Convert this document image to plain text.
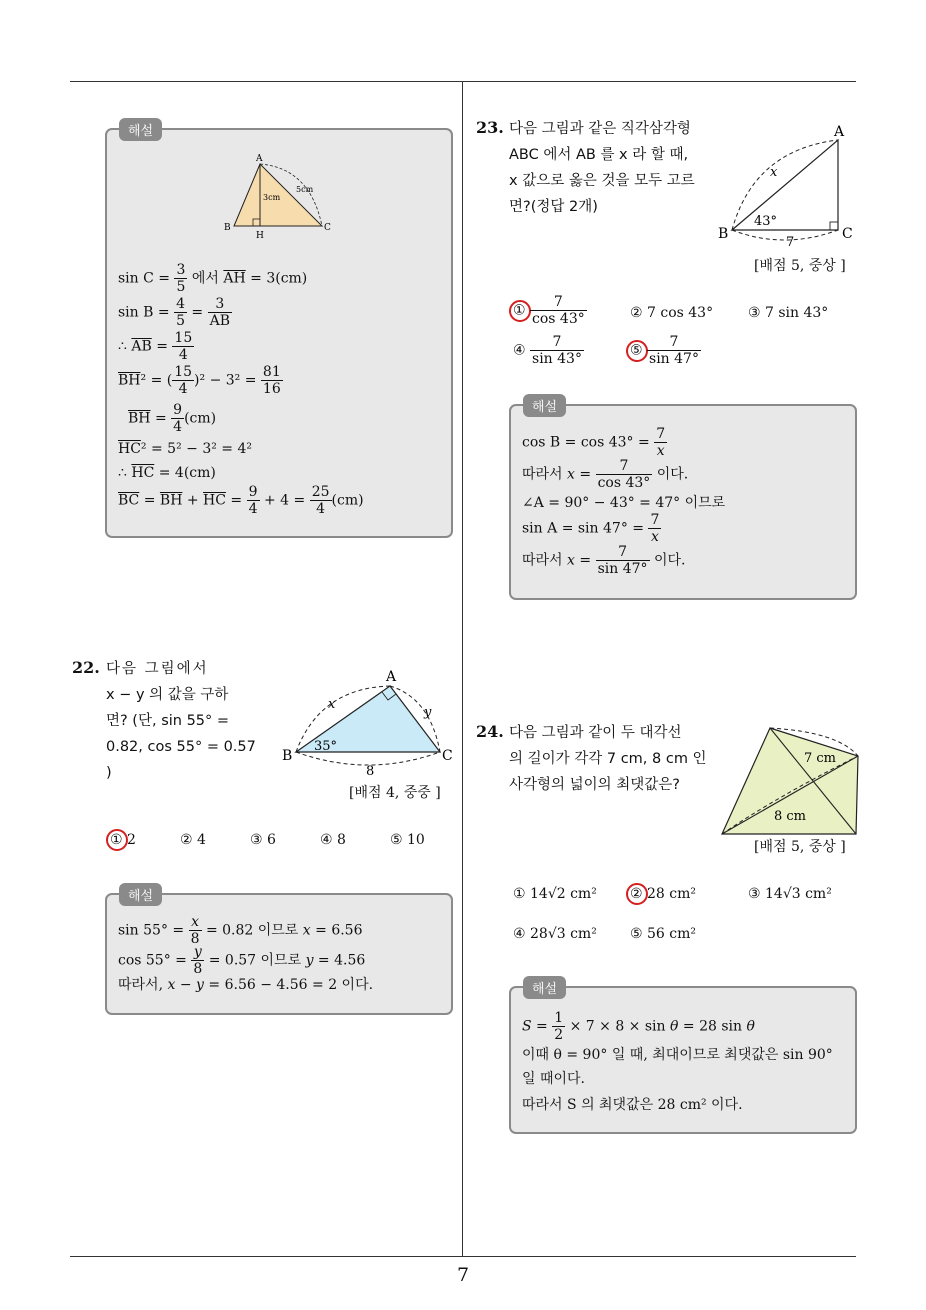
7
해설
A
B
H
C
3cm
5cm
$\sin C = \frac{3}{5}$ 에서 $\overline{AH} = 3(cm)$
$\sin B = \frac{4}{5} = \frac{3}{AB}$
∴ $\overline{AB} = \frac{15}{4}$
$\overline{BH}^2$ = ( $\frac{15}{4} )^2 - 3^2 = \frac{81}{16}$
$\overline{BH} = \frac{9}{4} (cm)$
$\overline{HC}^2 = 5^2 - 3^2 = 4^2$
∴ $\overline{HC} = 4(cm)$
$\overline{BC} = \overline{BH} + \overline{HC} = \frac{9}{4} + 4 = \frac{25}{4} (cm)$
22. 다음 그림에서
x − y 의 값을 구하
면? (단, sin 55° =
0.82, cos 55° = 0.57 )
A
B	C
x
y
35°
8
[배점 4, 중중 ]
① 2	② 4	③ 6	④ 8	⑤ 10
해설
$\sin 55^\circ = \frac{x}{8} = 0.82$ 이므로 x = 6.56
$\cos 55^\circ = \frac{y}{8} = 0.57$ 이므로 y = 4.56
따라서, x − y = 6.56 − 4.56 = 2 이다.
23. 다음 그림과 같은 직각삼각형
ABC 에서 AB 를 x 라 할 때,
x 값으로 옳은 것을 모두 고르
면?(정답 2개)
A
B	C
x
43°
7
[배점 5, 중상 ]
① $\frac{7}{\cos 43^\circ}$	② 7 cos 43° ③ 7 sin 43°
④ $\frac{7}{\sin 43^\circ}$	⑤ $\frac{7}{\sin 47^\circ}$
해설
$\cos B = \cos 43^\circ = \frac{7}{x}$
따라서 $x = \frac{7}{\cos 43^\circ}$ 이다.
∠A = 90° − 43° = 47° 이므로
$\sin A = \sin 47^\circ = \frac{7}{x}$
따라서 $x = \frac{7}{\sin 47^\circ}$ 이다.
24. 다음 그림과 같이 두 대각선
의 길이가 각각 7 cm, 8 cm 인
사각형의 넓이의 최댓값은?
7 cm
8 cm
[배점 5, 중상 ]
① 14√2 cm² ② 28 cm²	③ 14√3 cm²
④ 28√3 cm² ⑤ 56 cm²
해설
$S = \frac{1}{2} \times 7 \times 8 \times \sin \theta = 28$ sin θ
이때 θ = 90° 일 때, 최대이므로 최댓값은 sin 90°
일 때이다.
따라서 S 의 최댓값은 28 cm² 이다.
